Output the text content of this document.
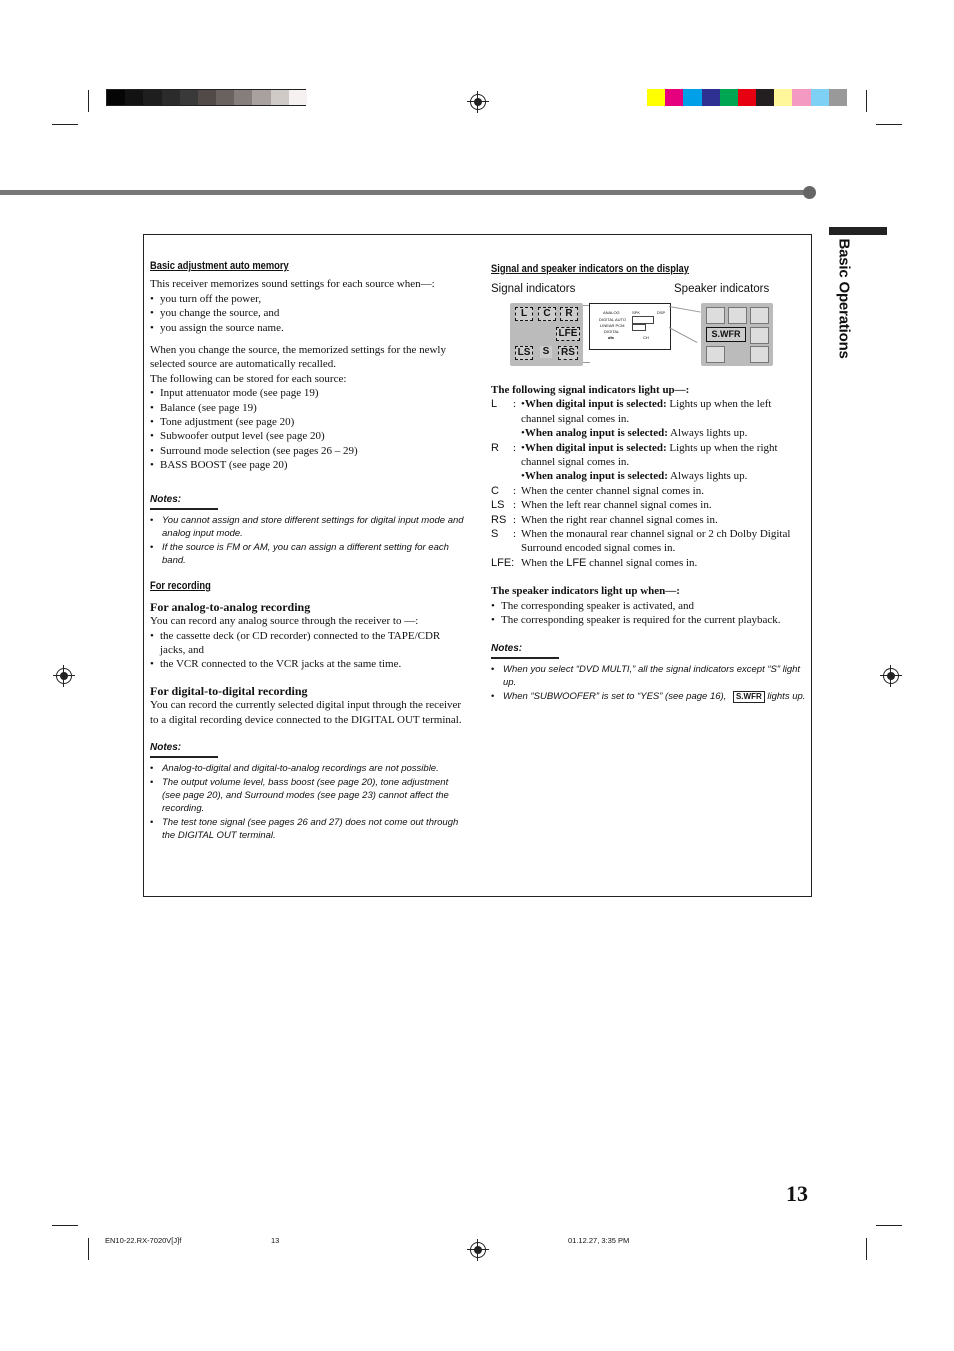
Basic Operations
Basic adjustment auto memory

This receiver memorizes sound settings for each source when—:

• you turn off the power,
• you change the source, and
• you assign the source name.

When you change the source, the memorized settings for the newly selected source are automatically recalled.

The following can be stored for each source:

• Input attenuator mode (see page 19)
• Balance (see page 19)
• Tone adjustment (see page 20)
• Subwoofer output level (see page 20)
• Surround mode selection (see pages 26 – 29)
• BASS BOOST (see page 20)
Notes:
• You cannot assign and store different settings for digital input mode and analog input mode.
• If the source is FM or AM, you can assign a different setting for each band.
For recording
For analog-to-analog recording

You can record any analog source through the receiver to —:

• the cassette deck (or CD recorder) connected to the TAPE/CDR jacks, and
• the VCR connected to the VCR jacks at the same time.
For digital-to-digital recording

You can record the currently selected digital input through the receiver to a digital recording device connected to the DIGITAL OUT terminal.

Notes:
• Analog-to-digital and digital-to-analog recordings are not possible.
• The output volume level, bass boost (see page 20), tone adjustment (see page 20), and Surround modes (see page 23) cannot affect the recording.
• The test tone signal (see pages 26 and 27) does not come out through the DIGITAL OUT terminal.
Signal and speaker indicators on the display
Signal indicators	Speaker indicators
L	C	R
LFE
LS S	RS
ANALOG
DIGITAL AUTO
LINEAR PCM
DIGITAL
dts
SPK	DSP
CH	S.WFR
The following signal indicators light up—:
L : •When digital input is selected: Lights up when the left channel signal comes in.
•When analog input is selected: Always lights up.
R : •When digital input is selected: Lights up when the right channel signal comes in.
•When analog input is selected: Always lights up.
C : When the center channel signal comes in.
LS : When the left rear channel signal comes in.
RS : When the right rear channel signal comes in.
S : When the monaural rear channel signal or 2 ch Dolby Digital Surround encoded signal comes in.
LFE: When the LFE channel signal comes in.
The speaker indicators light up when—:
• The corresponding speaker is activated, and
• The corresponding speaker is required for the current playback.
Notes:
• When you select “DVD MULTI,” all the signal indicators except “S” light up.
• When “SUBWOOFER” is set to “YES” (see page 16), S.WFR lights up.
13
EN10-22.RX-7020V[J]f	13	01.12.27, 3:35 PM
